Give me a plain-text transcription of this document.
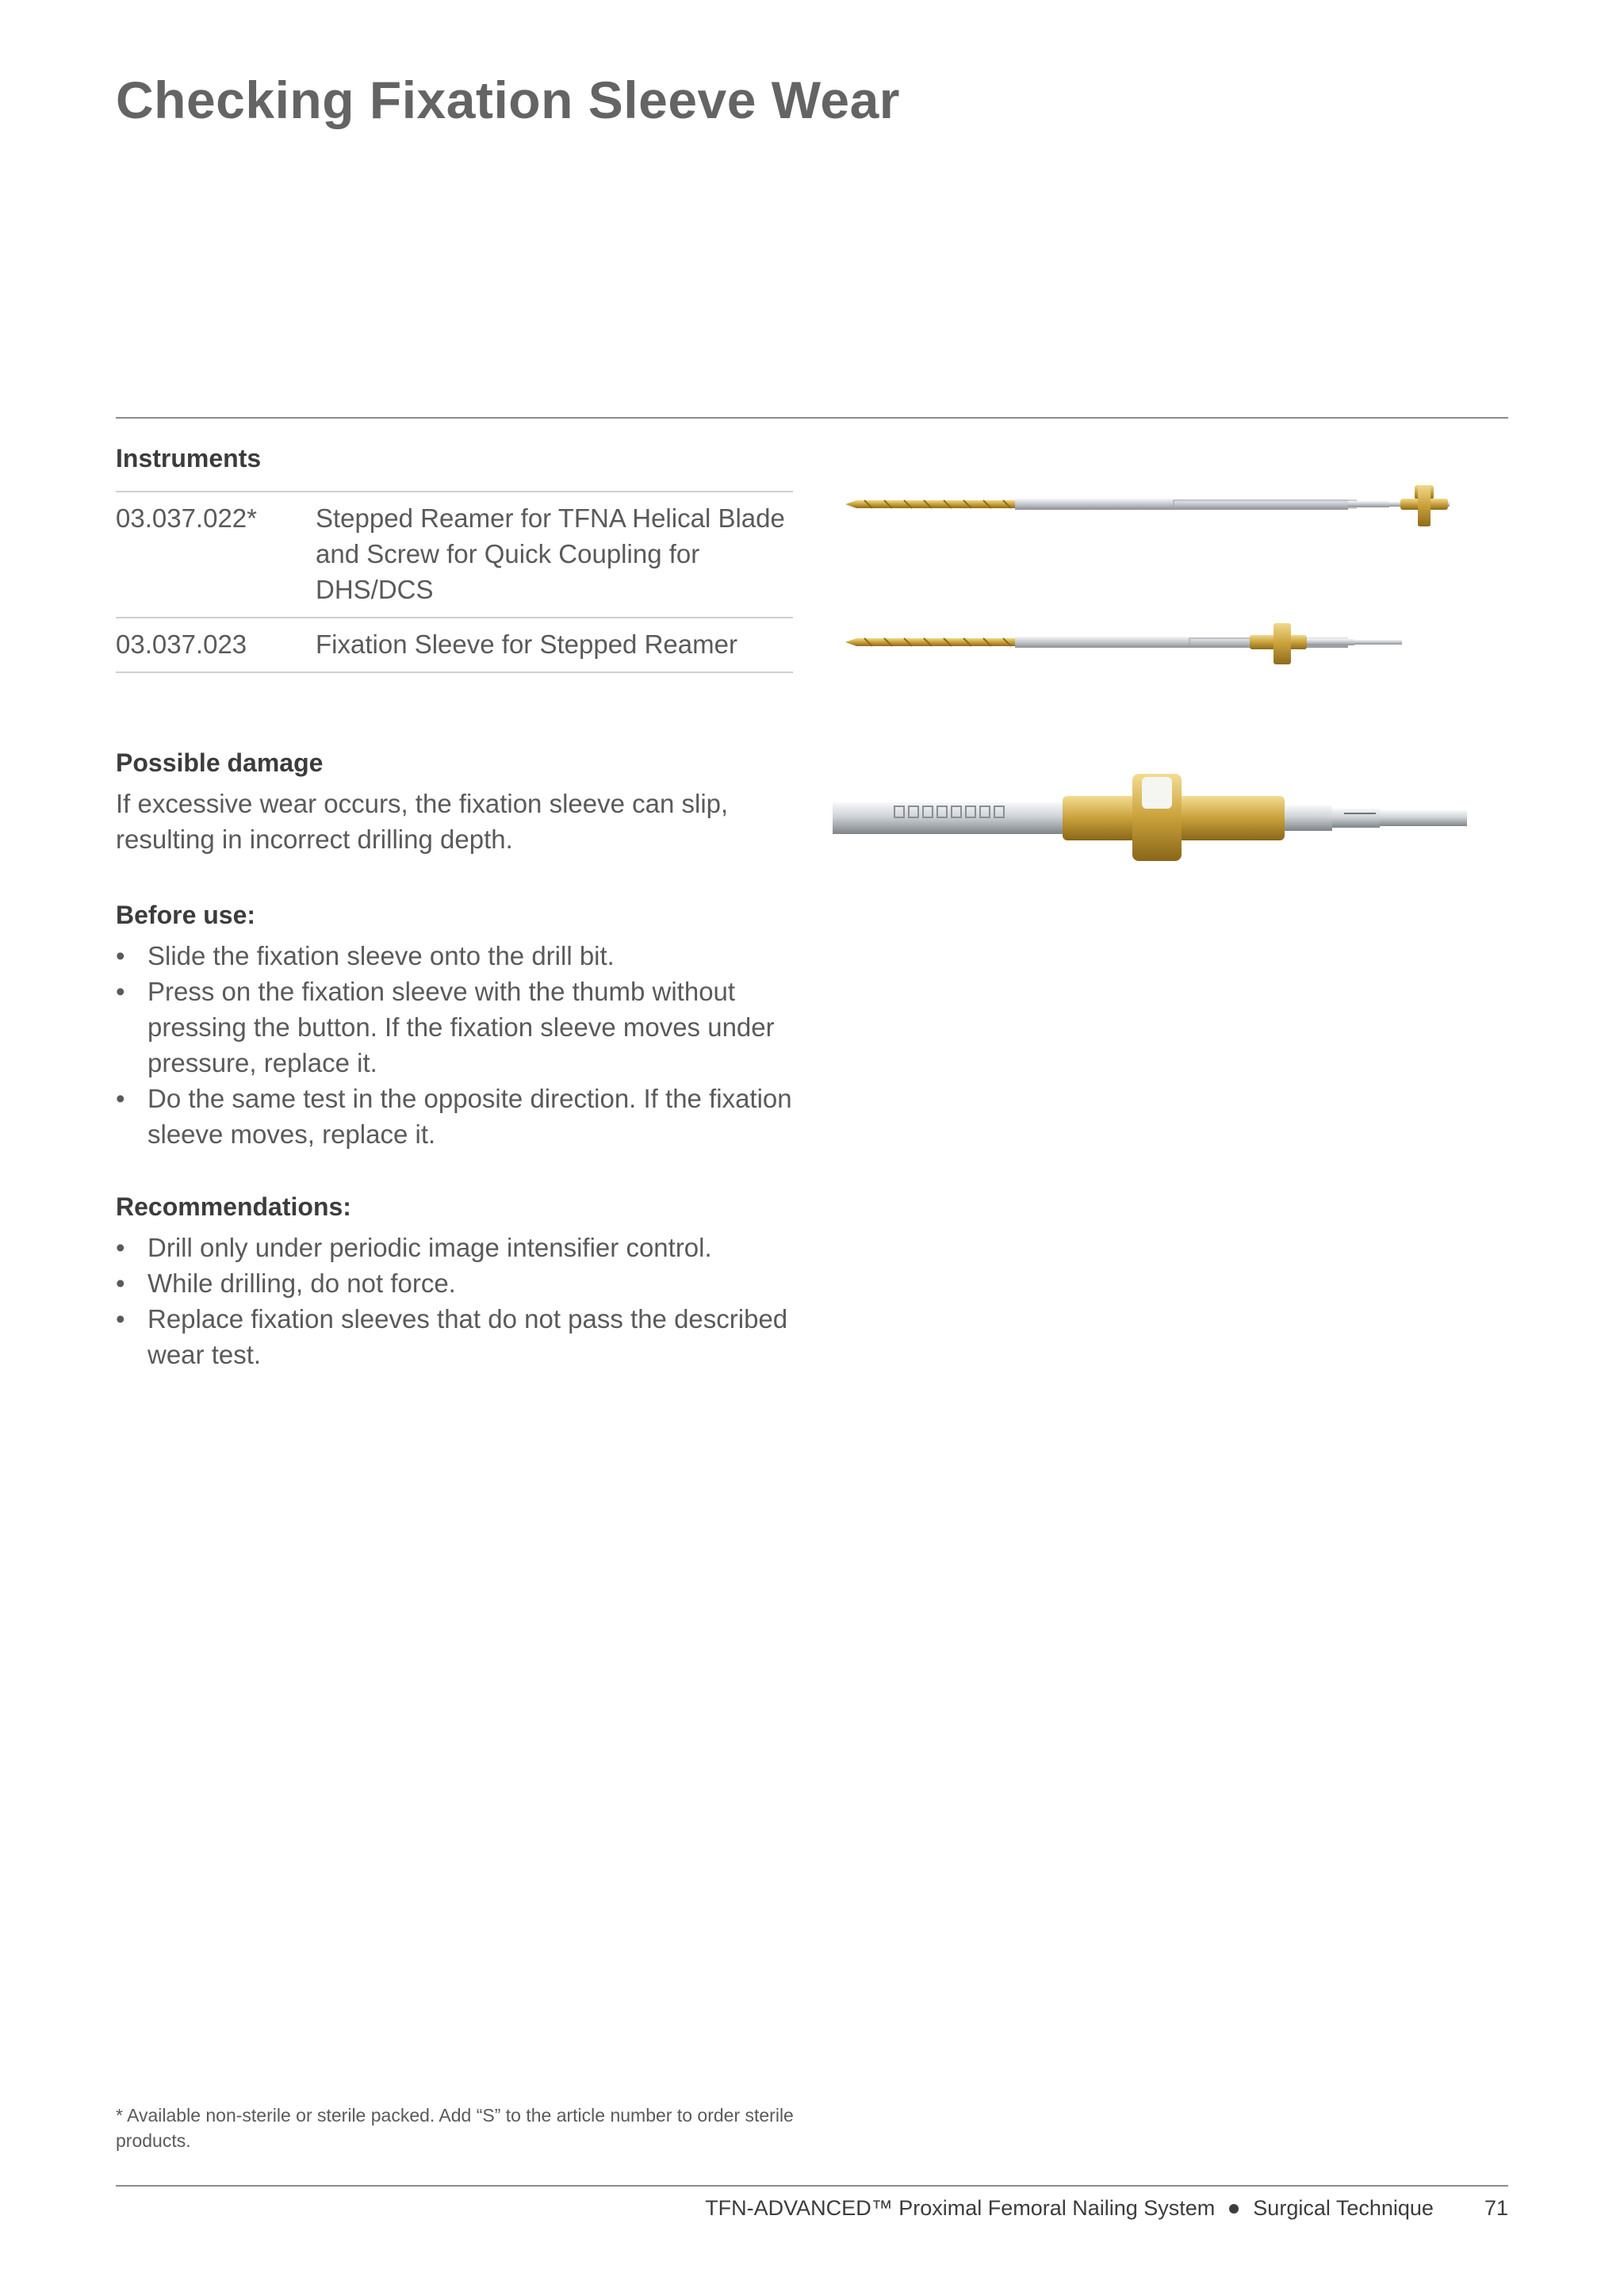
Checking Fixation Sleeve Wear
Instruments
03.037.022*	Stepped Reamer for TFNA Helical Blade and Screw for Quick Coupling for DHS/DCS
03.037.023	Fixation Sleeve for Stepped Reamer
Possible damage

If excessive wear occurs, the fixation sleeve can slip, resulting in incorrect drilling depth.

Before use:
• Slide the fixation sleeve onto the drill bit.
• Press on the fixation sleeve with the thumb without pressing the button. If the fixation sleeve moves under pressure, replace it.
• Do the same test in the opposite direction. If the fixation sleeve moves, replace it.
Recommendations:
• Drill only under periodic image intensifier control.
• While drilling, do not force.
• Replace fixation sleeves that do not pass the described wear test.

* Available non-sterile or sterile packed. Add “S” to the article number to order sterile products.

TFN-ADVANCED™ Proximal Femoral Nailing System Surgical Technique 71
